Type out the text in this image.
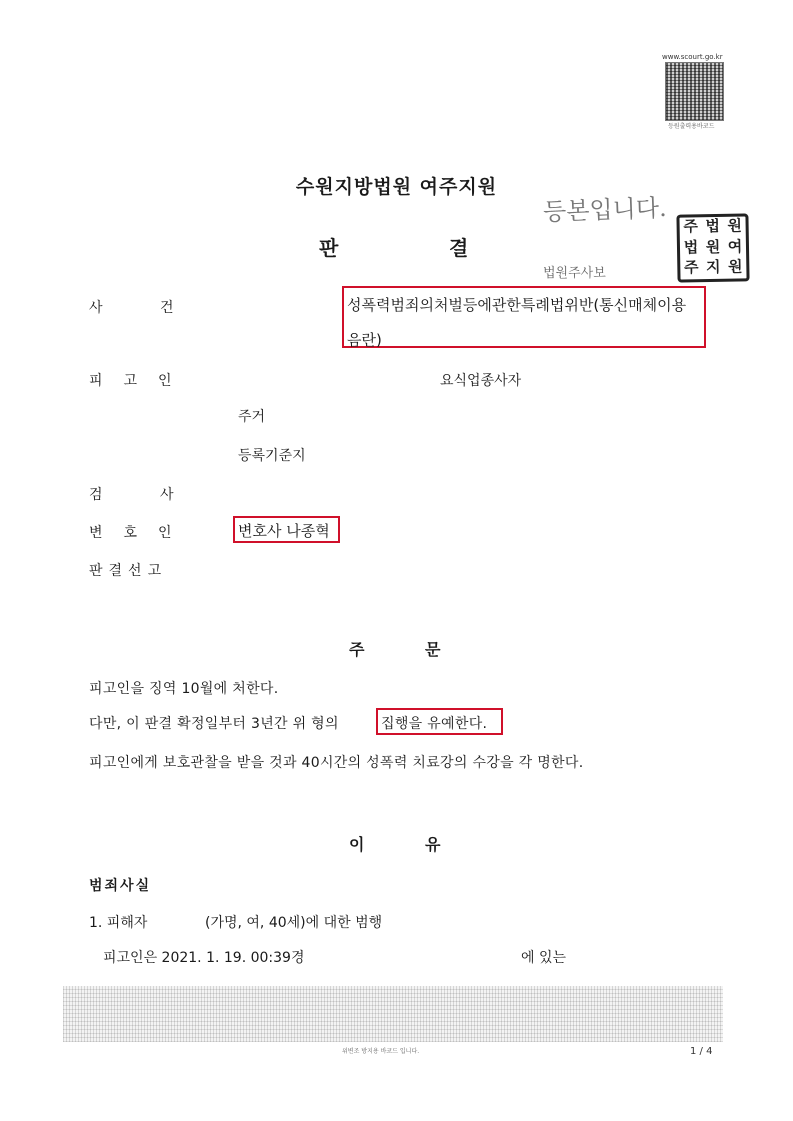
www.scourt.go.kr
등원출력용바코드
수원지방법원 여주지원
등본입니다.
주 법 원
법 원 여
주 지 원
판	결
법원주사보
사	건	성폭력범죄의처벌등에관한특례법위반(통신매체이용
음란)
피고인	요식업종사자
주거
등록기준지
검	사
변호인	변호사 나종혁
판결선고
주	문
피고인을 징역 10월에 처한다.
다만, 이 판결 확정일부터 3년간 위 형의	집행을 유예한다.
피고인에게 보호관찰을 받을 것과 40시간의 성폭력 치료강의 수강을 각 명한다.
이	유
범죄사실
1. 피해자	(가명, 여, 40세)에 대한 범행
피고인은 2021. 1. 19. 00:39경	에 있는
위변조 방지용 바코드 입니다.	1 / 4
